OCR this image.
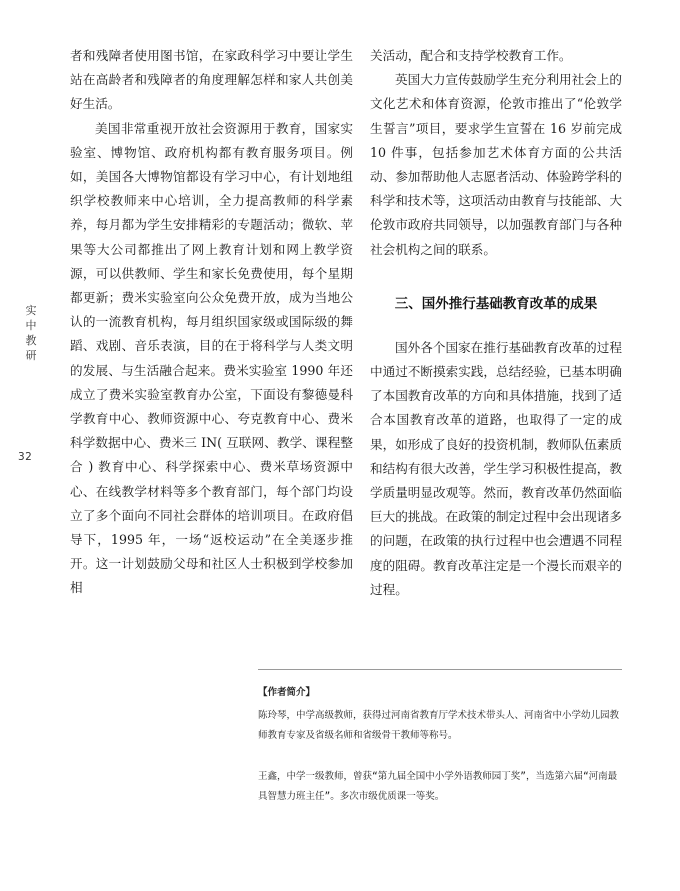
实
中
教
研
32

者和残障者使用图书馆，在家政科学习中要让学生站在高龄者和残障者的角度理解怎样和家人共创美好生活。

美国非常重视开放社会资源用于教育，国家实验室、博物馆、政府机构都有教育服务项目。例如，美国各大博物馆都设有学习中心，有计划地组织学校教师来中心培训，全力提高教师的科学素养，每月都为学生安排精彩的专题活动；微软、苹果等大公司都推出了网上教育计划和网上教学资源，可以供教师、学生和家长免费使用，每个星期都更新；费米实验室向公众免费开放，成为当地公认的一流教育机构，每月组织国家级或国际级的舞蹈、戏剧、音乐表演，目的在于将科学与人类文明的发展、与生活融合起来。费米实验室 1990 年还成立了费米实验室教育办公室，下面设有黎德曼科学教育中心、教师资源中心、夸克教育中心、费米科学数据中心、费米三 IN( 互联网、教学、课程整合 ) 教育中心、科学探索中心、费米草场资源中心、在线教学材料等多个教育部门，每个部门均设立了多个面向不同社会群体的培训项目。在政府倡导下，1995 年，一场“返校运动”在全美逐步推开。这一计划鼓励父母和社区人士积极到学校参加相

关活动，配合和支持学校教育工作。

英国大力宣传鼓励学生充分利用社会上的文化艺术和体育资源，伦敦市推出了“伦敦学生誓言”项目，要求学生宣誓在 16 岁前完成 10 件事，包括参加艺术体育方面的公共活动、参加帮助他人志愿者活动、体验跨学科的科学和技术等，这项活动由教育与技能部、大伦敦市政府共同领导，以加强教育部门与各种社会机构之间的联系。

三、国外推行基础教育改革的成果

国外各个国家在推行基础教育改革的过程中通过不断摸索实践，总结经验，已基本明确了本国教育改革的方向和具体措施，找到了适合本国教育改革的道路，也取得了一定的成果，如形成了良好的投资机制，教师队伍素质和结构有很大改善，学生学习积极性提高，教学质量明显改观等。然而，教育改革仍然面临巨大的挑战。在政策的制定过程中会出现诸多的问题，在政策的执行过程中也会遭遇不同程度的阻碍。教育改革注定是一个漫长而艰辛的过程。

【作者简介】

陈玲琴，中学高级教师，获得过河南省教育厅学术技术带头人、河南省中小学幼儿园教师教育专家及省级名师和省级骨干教师等称号。

王鑫，中学一级教师，曾获“第九届全国中小学外语教师园丁奖”，当选第六届“河南最具智慧力班主任”。多次市级优质课一等奖。
